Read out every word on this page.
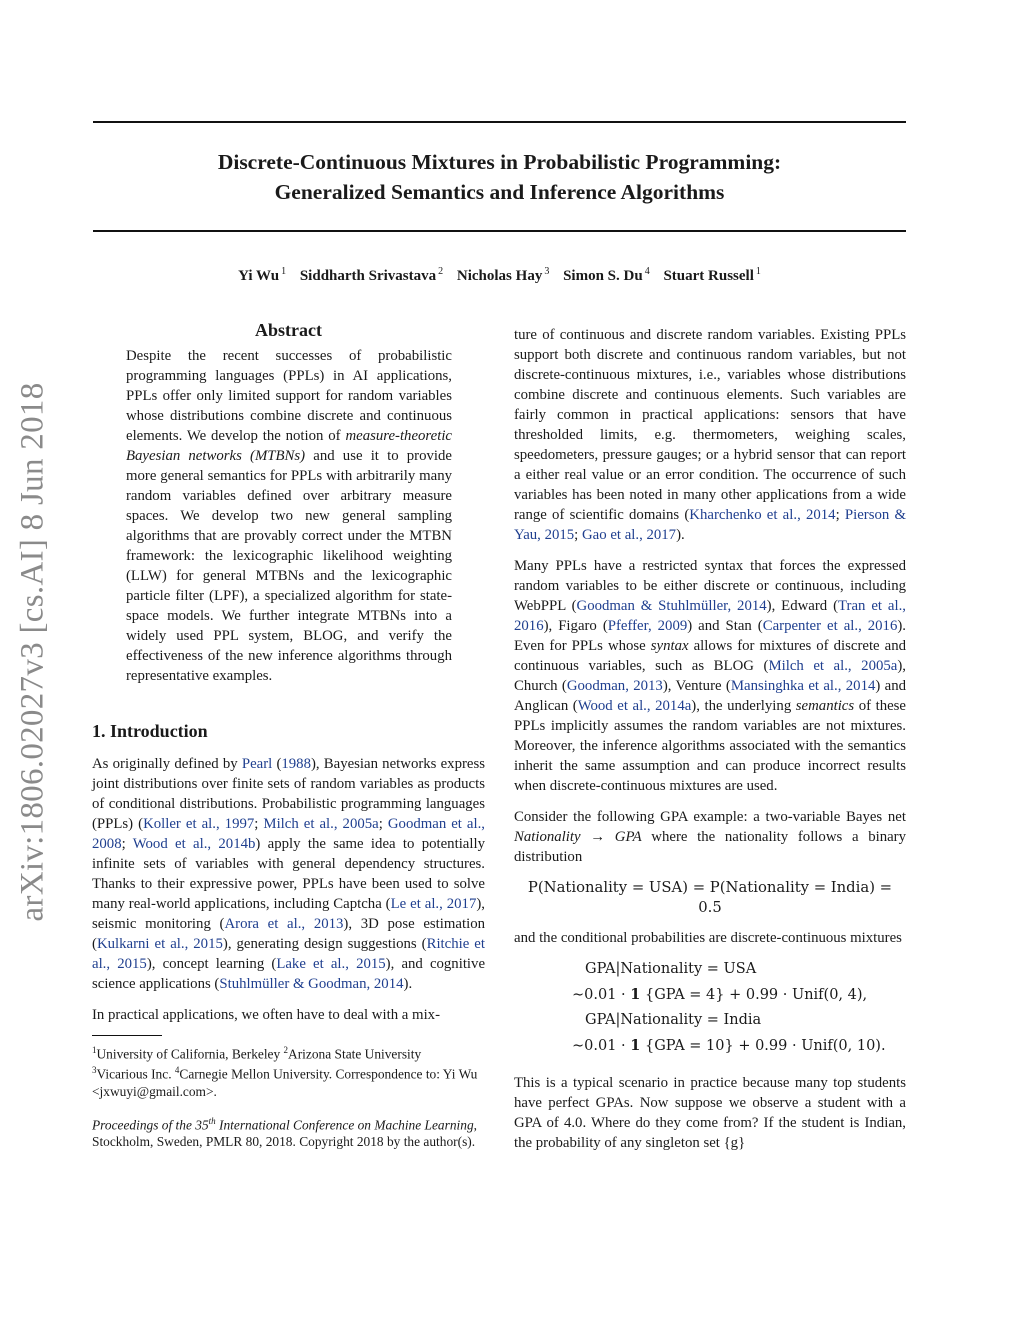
Discrete-Continuous Mixtures in Probabilistic Programming:
Generalized Semantics and Inference Algorithms
Yi Wu $^1$ Siddharth Srivastava $^2$ Nicholas Hay $^3$ Simon S. Du $^4$ Stuart Russell $^1$
arXiv:1806.02027v3 [cs.AI] 8 Jun 2018

Abstract

Despite the recent successes of probabilistic programming languages (PPLs) in AI applications, PPLs offer only limited support for random variables whose distributions combine discrete and continuous elements. We develop the notion of measure-theoretic Bayesian networks (MTBNs) and use it to provide more general semantics for PPLs with arbitrarily many random variables defined over arbitrary measure spaces. We develop two new general sampling algorithms that are provably correct under the MTBN framework: the lexicographic likelihood weighting (LLW) for general MTBNs and the lexicographic particle filter (LPF), a specialized algorithm for state-space models. We further integrate MTBNs into a widely used PPL system, BLOG, and verify the effectiveness of the new inference algorithms through representative examples.

1. Introduction

As originally defined by Pearl (1988), Bayesian networks express joint distributions over finite sets of random variables as products of conditional distributions. Probabilistic programming languages (PPLs) (Koller et al., 1997; Milch et al., 2005a; Goodman et al., 2008; Wood et al., 2014b) apply the same idea to potentially infinite sets of variables with general dependency structures. Thanks to their expressive power, PPLs have been used to solve many real-world applications, including Captcha (Le et al., 2017), seismic monitoring (Arora et al., 2013), 3D pose estimation (Kulkarni et al., 2015), generating design suggestions (Ritchie et al., 2015), concept learning (Lake et al., 2015), and cognitive science applications (Stuhlmüller & Goodman, 2014).

In practical applications, we often have to deal with a mix-

$^1$University of California, Berkeley $^2$Arizona State University
$^3$Vicarious Inc. $^4$Carnegie Mellon University. Correspondence to: Yi Wu <jxwuyi@gmail.com>.

Proceedings of the 35th International Conference on Machine Learning, Stockholm, Sweden, PMLR 80, 2018. Copyright 2018 by the author(s).

ture of continuous and discrete random variables. Existing PPLs support both discrete and continuous random variables, but not discrete-continuous mixtures, i.e., variables whose distributions combine discrete and continuous elements. Such variables are fairly common in practical applications: sensors that have thresholded limits, e.g. thermometers, weighing scales, speedometers, pressure gauges; or a hybrid sensor that can report a either real value or an error condition. The occurrence of such variables has been noted in many other applications from a wide range of scientific domains (Kharchenko et al., 2014; Pierson & Yau, 2015; Gao et al., 2017).

Many PPLs have a restricted syntax that forces the expressed random variables to be either discrete or continuous, including WebPPL (Goodman & Stuhlmüller, 2014), Edward (Tran et al., 2016), Figaro (Pfeffer, 2009) and Stan (Carpenter et al., 2016). Even for PPLs whose syntax allows for mixtures of discrete and continuous variables, such as BLOG (Milch et al., 2005a), Church (Goodman, 2013), Venture (Mansinghka et al., 2014) and Anglican (Wood et al., 2014a), the underlying semantics of these PPLs implicitly assumes the random variables are not mixtures. Moreover, the inference algorithms associated with the semantics inherit the same assumption and can produce incorrect results when discrete-continuous mixtures are used.

Consider the following GPA example: a two-variable Bayes net Nationality → GPA where the nationality follows a binary distribution

P(Nationality = USA) = P(Nationality = India) = 0.5

and the conditional probabilities are discrete-continuous mixtures

GPA|Nationality = USA
∼0.01 · 1 {GPA = 4} + 0.99 · Unif(0, 4),
GPA|Nationality = India
∼0.01 · 1 {GPA = 10} + 0.99 · Unif(0, 10).

This is a typical scenario in practice because many top students have perfect GPAs. Now suppose we observe a student with a GPA of 4.0. Where do they come from? If the student is Indian, the probability of any singleton set {g}
